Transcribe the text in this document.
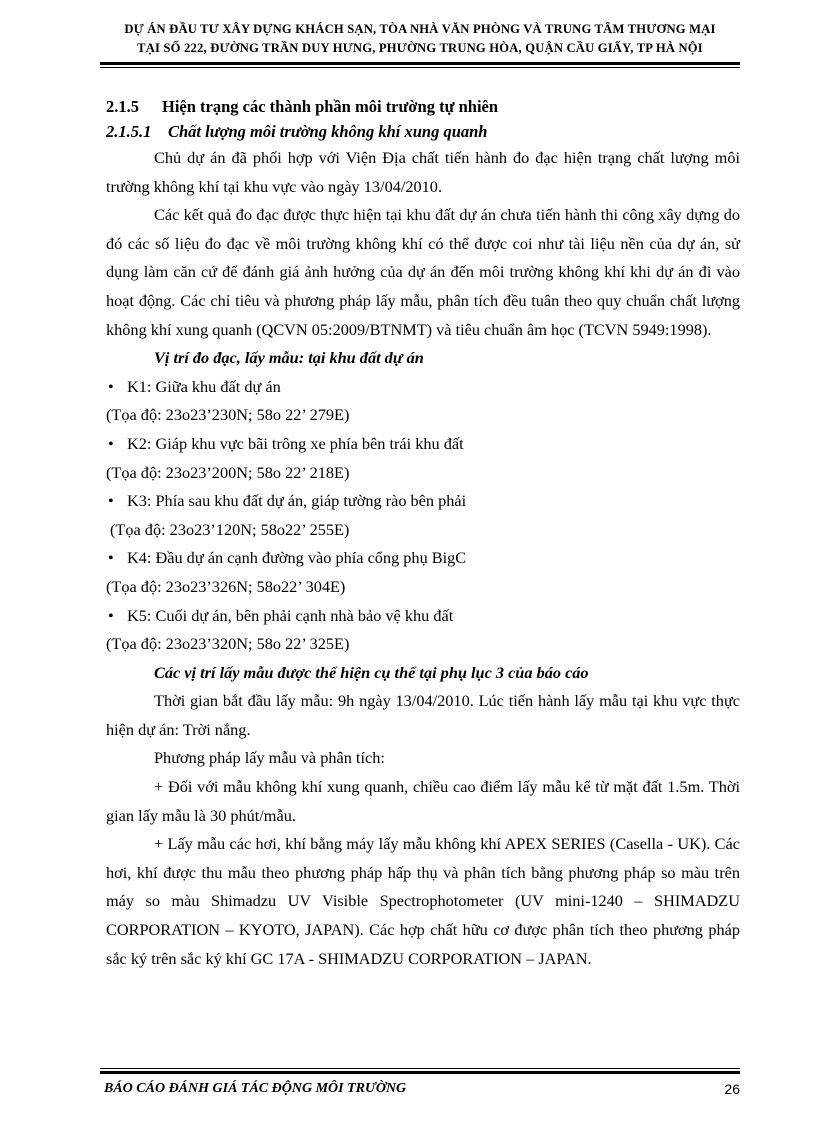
DỰ ÁN ĐẦU TƯ XÂY DỰNG KHÁCH SẠN, TÒA NHÀ VĂN PHÒNG VÀ TRUNG TÂM THƯƠNG MẠI
TẠI SỐ 222, ĐƯỜNG TRẦN DUY HƯNG, PHƯỜNG TRUNG HÒA, QUẬN CẦU GIẤY, TP HÀ NỘI
2.1.5 Hiện trạng các thành phần môi trường tự nhiên
2.1.5.1 Chất lượng môi trường không khí xung quanh
Chủ dự án đã phối hợp với Viện Địa chất tiến hành đo đạc hiện trạng chất lượng môi trường không khí tại khu vực vào ngày 13/04/2010.
Các kết quả đo đạc được thực hiện tại khu đất dự án chưa tiến hành thi công xây dựng do đó các số liệu đo đạc về môi trường không khí có thể được coi như tài liệu nền của dự án, sử dụng làm căn cứ để đánh giá ảnh hưởng của dự án đến môi trường không khí khi dự án đi vào hoạt động. Các chỉ tiêu và phương pháp lấy mẫu, phân tích đều tuân theo quy chuẩn chất lượng không khí xung quanh (QCVN 05:2009/BTNMT) và tiêu chuẩn âm học (TCVN 5949:1998).
Vị trí đo đạc, lấy mẫu: tại khu đất dự án
• K1: Giữa khu đất dự án
(Tọa độ: 23o23’230N; 58o 22’ 279E)
• K2: Giáp khu vực bãi trông xe phía bên trái khu đất
(Tọa độ: 23o23’200N; 58o 22’ 218E)
• K3: Phía sau khu đất dự án, giáp tường rào bên phải
(Tọa độ: 23o23’120N; 58o22’ 255E)
• K4: Đầu dự án cạnh đường vào phía cổng phụ BigC
(Tọa độ: 23o23’326N; 58o22’ 304E)
• K5: Cuối dự án, bên phải cạnh nhà bảo vệ khu đất
(Tọa độ: 23o23’320N; 58o 22’ 325E)
Các vị trí lấy mẫu được thể hiện cụ thể tại phụ lục 3 của báo cáo
Thời gian bắt đầu lấy mẫu: 9h ngày 13/04/2010. Lúc tiến hành lấy mẫu tại khu vực thực hiện dự án: Trời nắng.
Phương pháp lấy mẫu và phân tích:
+ Đối với mẫu không khí xung quanh, chiều cao điểm lấy mẫu kể từ mặt đất 1.5m. Thời gian lấy mẫu là 30 phút/mẫu.
+ Lấy mẫu các hơi, khí bằng máy lấy mẫu không khí APEX SERIES (Casella - UK). Các hơi, khí được thu mẫu theo phương pháp hấp thụ và phân tích bằng phương pháp so màu trên máy so màu Shimadzu UV Visible Spectrophotometer (UV mini-1240 – SHIMADZU CORPORATION – KYOTO, JAPAN). Các hợp chất hữu cơ được phân tích theo phương pháp sắc ký trên sắc ký khí GC 17A - SHIMADZU CORPORATION – JAPAN.
BÁO CÁO ĐÁNH GIÁ TÁC ĐỘNG MÔI TRƯỜNG	26
